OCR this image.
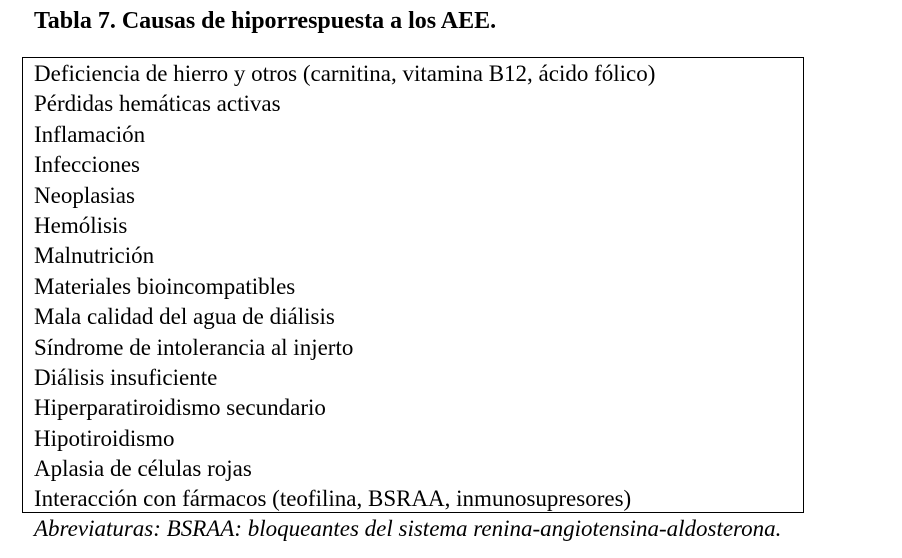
Tabla 7. Causas de hiporrespuesta a los AEE.
Deficiencia de hierro y otros (carnitina, vitamina B12, ácido fólico)
Pérdidas hemáticas activas
Inflamación
Infecciones
Neoplasias
Hemólisis
Malnutrición
Materiales bioincompatibles
Mala calidad del agua de diálisis
Síndrome de intolerancia al injerto
Diálisis insuficiente
Hiperparatiroidismo secundario
Hipotiroidismo
Aplasia de células rojas
Interacción con fármacos (teofilina, BSRAA, inmunosupresores)
Abreviaturas: BSRAA: bloqueantes del sistema renina-angiotensina-aldosterona.
